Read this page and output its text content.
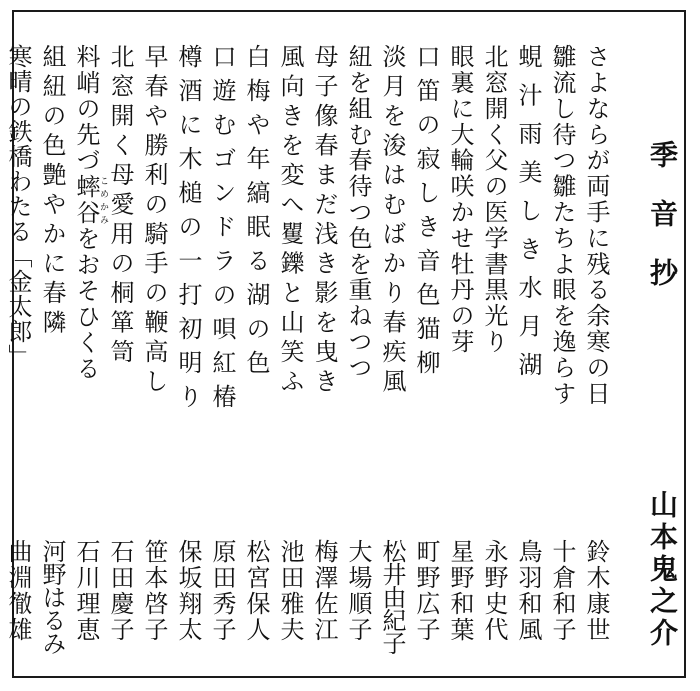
季音抄
山本鬼之介
さよならが両手に残る余寒の日
鈴木康世
雛流し待つ雛たちよ眼を逸らす
十倉和子
蜆汁雨美しき水月湖
鳥羽和風
北窓開く父の医学書黒光り
永野史代
眼裏に大輪咲かせ牡丹の芽
星野和葉
口笛の寂しき音色猫柳
町野広子
淡月を浚はむばかり春疾風
松井由紀子
紐を組む春待つ色を重ねつつ
大場順子
母子像春まだ浅き影を曳き
梅澤佐江
風向きを変へ矍鑠と山笑ふ
池田雅夫
白梅や年縞眠る湖の色
松宮保人
口遊むゴンドラの唄紅椿
原田秀子
樽酒に木槌の一打初明り
保坂翔太
早春や勝利の騎手の鞭高し
笹本啓子
北窓開く母愛用の桐箪笥
石田慶子
料峭の先づ蟀谷こめかみをおそひくる
石川理恵
組紐の色艶やかに春隣
河野はるみ
寒晴の鉄橋わたる「金太郎」
曲淵徹雄
